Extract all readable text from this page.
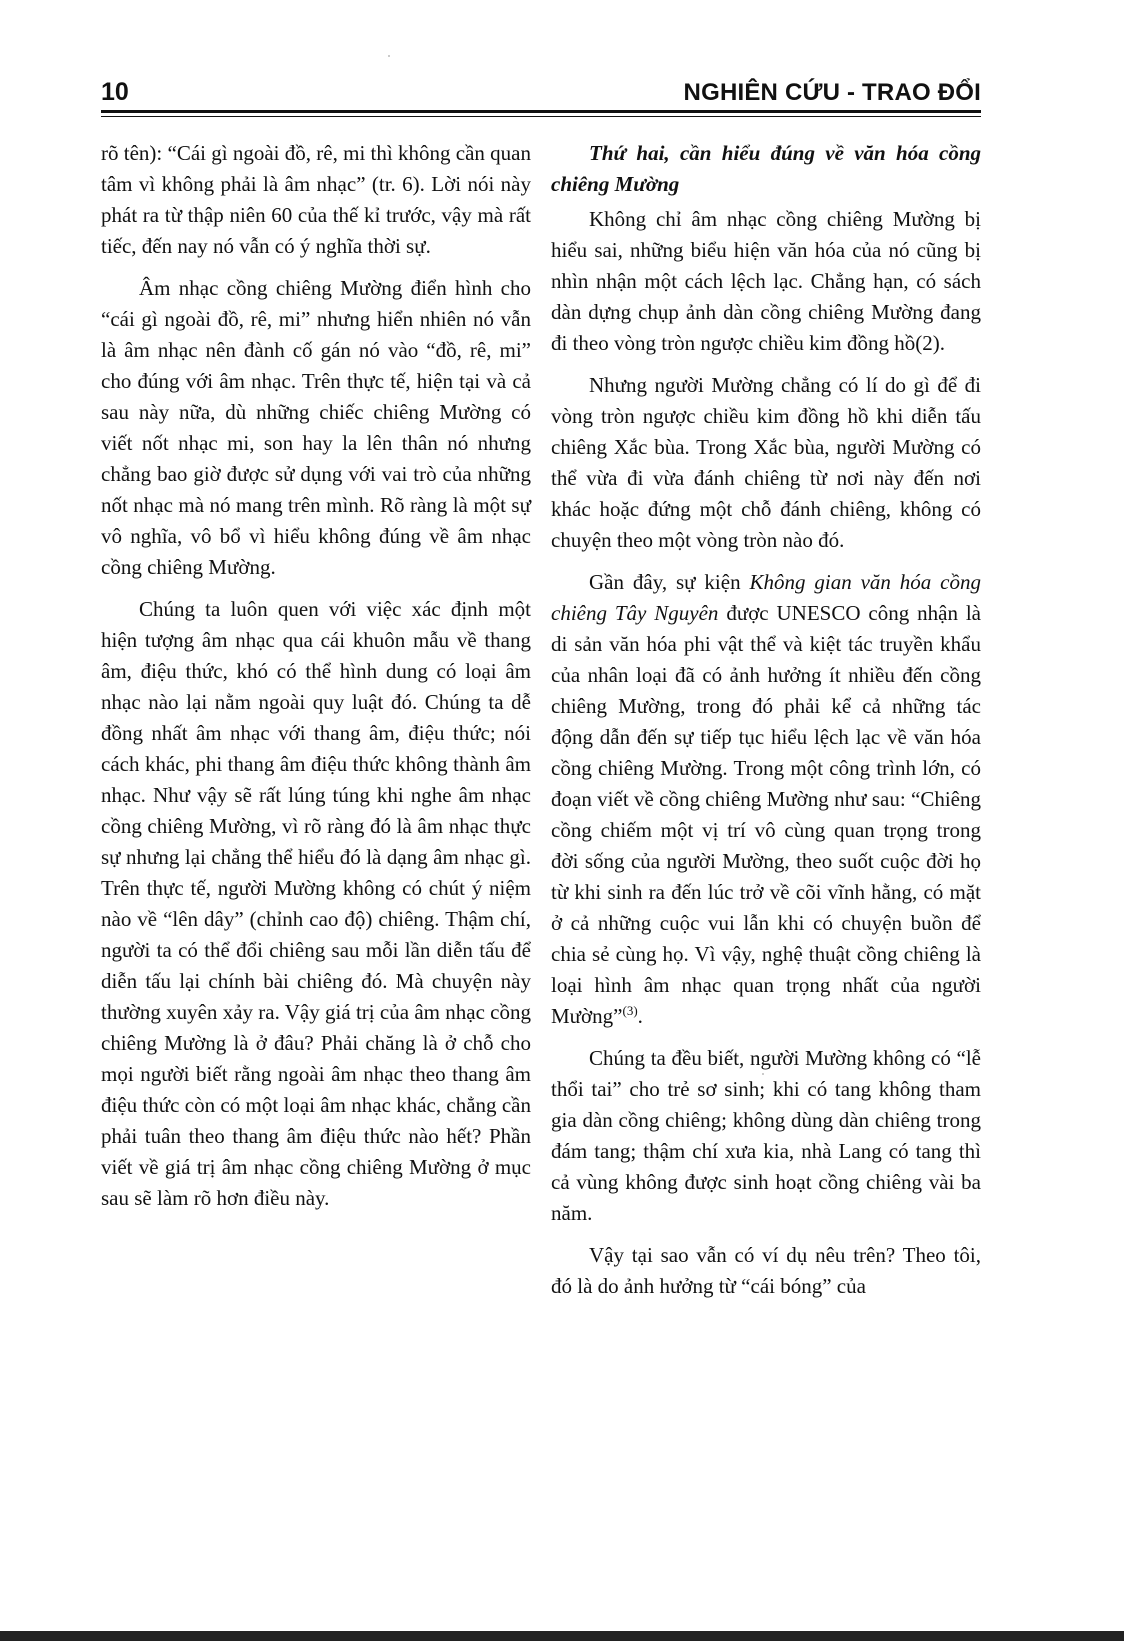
10	NGHIÊN CỨU - TRAO ĐỔI

rõ tên): “Cái gì ngoài đồ, rê, mi thì không cần quan tâm vì không phải là âm nhạc” (tr. 6). Lời nói này phát ra từ thập niên 60 của thế kỉ trước, vậy mà rất tiếc, đến nay nó vẫn có ý nghĩa thời sự.

Âm nhạc cồng chiêng Mường điển hình cho “cái gì ngoài đồ, rê, mi” nhưng hiển nhiên nó vẫn là âm nhạc nên đành cố gán nó vào “đồ, rê, mi” cho đúng với âm nhạc. Trên thực tế, hiện tại và cả sau này nữa, dù những chiếc chiêng Mường có viết nốt nhạc mi, son hay la lên thân nó nhưng chẳng bao giờ được sử dụng với vai trò của những nốt nhạc mà nó mang trên mình. Rõ ràng là một sự vô nghĩa, vô bổ vì hiểu không đúng về âm nhạc cồng chiêng Mường.

Chúng ta luôn quen với việc xác định một hiện tượng âm nhạc qua cái khuôn mẫu về thang âm, điệu thức, khó có thể hình dung có loại âm nhạc nào lại nằm ngoài quy luật đó. Chúng ta dễ đồng nhất âm nhạc với thang âm, điệu thức; nói cách khác, phi thang âm điệu thức không thành âm nhạc. Như vậy sẽ rất lúng túng khi nghe âm nhạc cồng chiêng Mường, vì rõ ràng đó là âm nhạc thực sự nhưng lại chẳng thể hiểu đó là dạng âm nhạc gì. Trên thực tế, người Mường không có chút ý niệm nào về “lên dây” (chỉnh cao độ) chiêng. Thậm chí, người ta có thể đổi chiêng sau mỗi lần diễn tấu để diễn tấu lại chính bài chiêng đó. Mà chuyện này thường xuyên xảy ra. Vậy giá trị của âm nhạc cồng chiêng Mường là ở đâu? Phải chăng là ở chỗ cho mọi người biết rằng ngoài âm nhạc theo thang âm điệu thức còn có một loại âm nhạc khác, chẳng cần phải tuân theo thang âm điệu thức nào hết? Phần viết về giá trị âm nhạc cồng chiêng Mường ở mục sau sẽ làm rõ hơn điều này.

Thứ hai, cần hiểu đúng về văn hóa cồng chiêng Mường

Không chỉ âm nhạc cồng chiêng Mường bị hiểu sai, những biểu hiện văn hóa của nó cũng bị nhìn nhận một cách lệch lạc. Chẳng hạn, có sách dàn dựng chụp ảnh dàn cồng chiêng Mường đang đi theo vòng tròn ngược chiều kim đồng hồ(2).

Nhưng người Mường chẳng có lí do gì để đi vòng tròn ngược chiều kim đồng hồ khi diễn tấu chiêng Xắc bùa. Trong Xắc bùa, người Mường có thể vừa đi vừa đánh chiêng từ nơi này đến nơi khác hoặc đứng một chỗ đánh chiêng, không có chuyện theo một vòng tròn nào đó.

Gần đây, sự kiện Không gian văn hóa cồng chiêng Tây Nguyên được UNESCO công nhận là di sản văn hóa phi vật thể và kiệt tác truyền khẩu của nhân loại đã có ảnh hưởng ít nhiều đến cồng chiêng Mường, trong đó phải kể cả những tác động dẫn đến sự tiếp tục hiểu lệch lạc về văn hóa cồng chiêng Mường. Trong một công trình lớn, có đoạn viết về cồng chiêng Mường như sau: “Chiêng cồng chiếm một vị trí vô cùng quan trọng trong đời sống của người Mường, theo suốt cuộc đời họ từ khi sinh ra đến lúc trở về cõi vĩnh hằng, có mặt ở cả những cuộc vui lẫn khi có chuyện buồn để chia sẻ cùng họ. Vì vậy, nghệ thuật cồng chiêng là loại hình âm nhạc quan trọng nhất của người Mường”$^{(3)}$.

Chúng ta đều biết, người Mường không có “lễ thổi tai” cho trẻ sơ sinh; khi có tang không tham gia dàn cồng chiêng; không dùng dàn chiêng trong đám tang; thậm chí xưa kia, nhà Lang có tang thì cả vùng không được sinh hoạt cồng chiêng vài ba năm.

Vậy tại sao vẫn có ví dụ nêu trên? Theo tôi, đó là do ảnh hưởng từ “cái bóng” của
